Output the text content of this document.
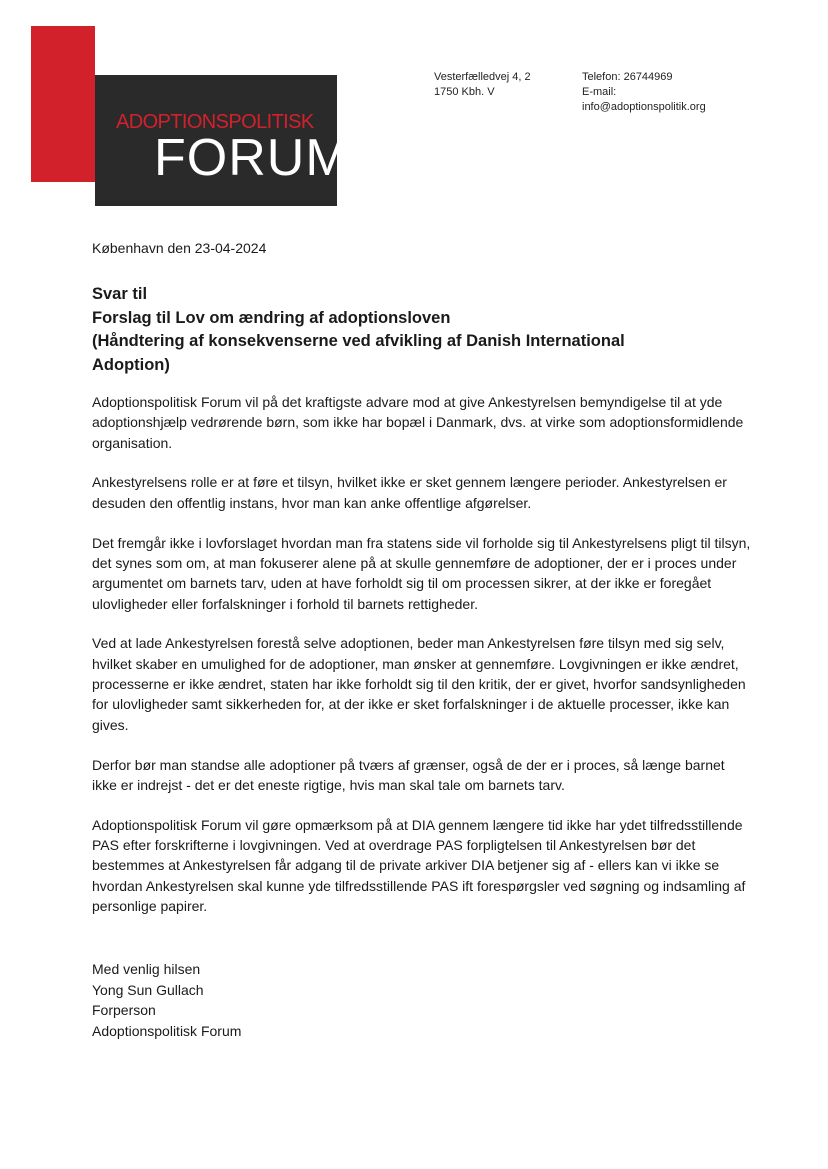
ADOPTIONSPOLITISK
FORUM
Vesterfælledvej 4, 2
1750 Kbh. V
Telefon: 26744969
E-mail:
info@adoptionspolitik.org
København den 23-04-2024
Svar til
Forslag til Lov om ændring af adoptionsloven
(Håndtering af konsekvenserne ved afvikling af Danish International
Adoption)

Adoptionspolitisk Forum vil på det kraftigste advare mod at give Ankestyrelsen bemyndigelse til at yde adoptionshjælp vedrørende børn, som ikke har bopæl i Danmark, dvs. at virke som adoptionsformidlende organisation.

Ankestyrelsens rolle er at føre et tilsyn, hvilket ikke er sket gennem længere perioder. Ankestyrelsen er desuden den offentlig instans, hvor man kan anke offentlige afgørelser.

Det fremgår ikke i lovforslaget hvordan man fra statens side vil forholde sig til Ankestyrelsens pligt til tilsyn, det synes som om, at man fokuserer alene på at skulle gennemføre de adoptioner, der er i proces under argumentet om barnets tarv, uden at have forholdt sig til om processen sikrer, at der ikke er foregået ulovligheder eller forfalskninger i forhold til barnets rettigheder.

Ved at lade Ankestyrelsen forestå selve adoptionen, beder man Ankestyrelsen føre tilsyn med sig selv, hvilket skaber en umulighed for de adoptioner, man ønsker at gennemføre. Lovgivningen er ikke ændret, processerne er ikke ændret, staten har ikke forholdt sig til den kritik, der er givet, hvorfor sandsynligheden for ulovligheder samt sikkerheden for, at der ikke er sket forfalskninger i de aktuelle processer, ikke kan gives.

Derfor bør man standse alle adoptioner på tværs af grænser, også de der er i proces, så længe barnet ikke er indrejst - det er det eneste rigtige, hvis man skal tale om barnets tarv.

Adoptionspolitisk Forum vil gøre opmærksom på at DIA gennem længere tid ikke har ydet tilfredsstillende PAS efter forskrifterne i lovgivningen. Ved at overdrage PAS forpligtelsen til Ankestyrelsen bør det bestemmes at Ankestyrelsen får adgang til de private arkiver DIA betjener sig af - ellers kan vi ikke se hvordan Ankestyrelsen skal kunne yde tilfredsstillende PAS ift forespørgsler ved søgning og indsamling af personlige papirer.

Med venlig hilsen
Yong Sun Gullach
Forperson
Adoptionspolitisk Forum
